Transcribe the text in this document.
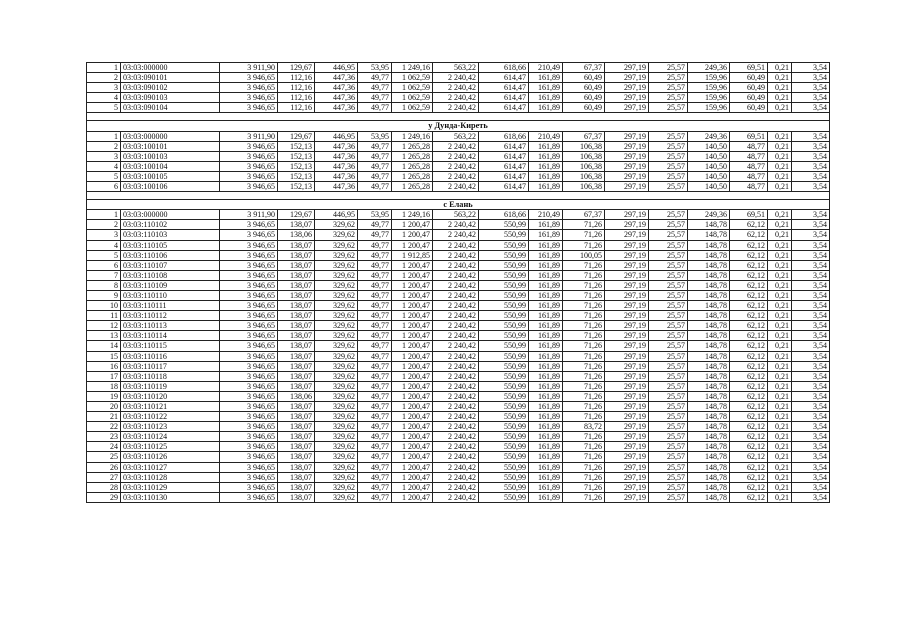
1	03:03:000000	3 911,90	129,67	446,95	53,95	1 249,16	563,22	618,66	210,49	67,37	297,19	25,57	249,36	69,51	0,21	3,54
2	03:03:090101	3 946,65	112,16	447,36	49,77	1 062,59	2 240,42	614,47	161,89	60,49	297,19	25,57	159,96	60,49	0,21	3,54
3	03:03:090102	3 946,65	112,16	447,36	49,77	1 062,59	2 240,42	614,47	161,89	60,49	297,19	25,57	159,96	60,49	0,21	3,54
4	03:03:090103	3 946,65	112,16	447,36	49,77	1 062,59	2 240,42	614,47	161,89	60,49	297,19	25,57	159,96	60,49	0,21	3,54
5	03:03:090104	3 946,65	112,16	447,36	49,77	1 062,59	2 240,42	614,47	161,89	60,49	297,19	25,57	159,96	60,49	0,21	3,54

у Дунда-Киреть																
1	03:03:000000	3 911,90	129,67	446,95	53,95	1 249,16	563,22	618,66	210,49	67,37	297,19	25,57	249,36	69,51	0,21	3,54
2	03:03:100101	3 946,65	152,13	447,36	49,77	1 265,28	2 240,42	614,47	161,89	106,38	297,19	25,57	140,50	48,77	0,21	3,54
3	03:03:100103	3 946,65	152,13	447,36	49,77	1 265,28	2 240,42	614,47	161,89	106,38	297,19	25,57	140,50	48,77	0,21	3,54
4	03:03:100104	3 946,65	152,13	447,36	49,77	1 265,28	2 240,42	614,47	161,89	106,38	297,19	25,57	140,50	48,77	0,21	3,54
5	03:03:100105	3 946,65	152,13	447,36	49,77	1 265,28	2 240,42	614,47	161,89	106,38	297,19	25,57	140,50	48,77	0,21	3,54
6	03:03:100106	3 946,65	152,13	447,36	49,77	1 265,28	2 240,42	614,47	161,89	106,38	297,19	25,57	140,50	48,77	0,21	3,54

с Елань																
1	03:03:000000	3 911,90	129,67	446,95	53,95	1 249,16	563,22	618,66	210,49	67,37	297,19	25,57	249,36	69,51	0,21	3,54
2	03:03:110102	3 946,65	138,07	329,62	49,77	1 200,47	2 240,42	550,99	161,89	71,26	297,19	25,57	148,78	62,12	0,21	3,54
3	03:03:110103	3 946,65	138,06	329,62	49,77	1 200,47	2 240,42	550,99	161,89	71,26	297,19	25,57	148,78	62,12	0,21	3,54
4	03:03:110105	3 946,65	138,07	329,62	49,77	1 200,47	2 240,42	550,99	161,89	71,26	297,19	25,57	148,78	62,12	0,21	3,54
5	03:03:110106	3 946,65	138,07	329,62	49,77	1 912,85	2 240,42	550,99	161,89	100,05	297,19	25,57	148,78	62,12	0,21	3,54
6	03:03:110107	3 946,65	138,07	329,62	49,77	1 200,47	2 240,42	550,99	161,89	71,26	297,19	25,57	148,78	62,12	0,21	3,54
7	03:03:110108	3 946,65	138,07	329,62	49,77	1 200,47	2 240,42	550,99	161,89	71,26	297,19	25,57	148,78	62,12	0,21	3,54
8	03:03:110109	3 946,65	138,07	329,62	49,77	1 200,47	2 240,42	550,99	161,89	71,26	297,19	25,57	148,78	62,12	0,21	3,54
9	03:03:110110	3 946,65	138,07	329,62	49,77	1 200,47	2 240,42	550,99	161,89	71,26	297,19	25,57	148,78	62,12	0,21	3,54
10	03:03:110111	3 946,65	138,07	329,62	49,77	1 200,47	2 240,42	550,99	161,89	71,26	297,19	25,57	148,78	62,12	0,21	3,54
11	03:03:110112	3 946,65	138,07	329,62	49,77	1 200,47	2 240,42	550,99	161,89	71,26	297,19	25,57	148,78	62,12	0,21	3,54
12	03:03:110113	3 946,65	138,07	329,62	49,77	1 200,47	2 240,42	550,99	161,89	71,26	297,19	25,57	148,78	62,12	0,21	3,54
13	03:03:110114	3 946,65	138,07	329,62	49,77	1 200,47	2 240,42	550,99	161,89	71,26	297,19	25,57	148,78	62,12	0,21	3,54
14	03:03:110115	3 946,65	138,07	329,62	49,77	1 200,47	2 240,42	550,99	161,89	71,26	297,19	25,57	148,78	62,12	0,21	3,54
15	03:03:110116	3 946,65	138,07	329,62	49,77	1 200,47	2 240,42	550,99	161,89	71,26	297,19	25,57	148,78	62,12	0,21	3,54
16	03:03:110117	3 946,65	138,07	329,62	49,77	1 200,47	2 240,42	550,99	161,89	71,26	297,19	25,57	148,78	62,12	0,21	3,54
17	03:03:110118	3 946,65	138,07	329,62	49,77	1 200,47	2 240,42	550,99	161,89	71,26	297,19	25,57	148,78	62,12	0,21	3,54
18	03:03:110119	3 946,65	138,07	329,62	49,77	1 200,47	2 240,42	550,99	161,89	71,26	297,19	25,57	148,78	62,12	0,21	3,54
19	03:03:110120	3 946,65	138,06	329,62	49,77	1 200,47	2 240,42	550,99	161,89	71,26	297,19	25,57	148,78	62,12	0,21	3,54
20	03:03:110121	3 946,65	138,07	329,62	49,77	1 200,47	2 240,42	550,99	161,89	71,26	297,19	25,57	148,78	62,12	0,21	3,54
21	03:03:110122	3 946,65	138,07	329,62	49,77	1 200,47	2 240,42	550,99	161,89	71,26	297,19	25,57	148,78	62,12	0,21	3,54
22	03:03:110123	3 946,65	138,07	329,62	49,77	1 200,47	2 240,42	550,99	161,89	83,72	297,19	25,57	148,78	62,12	0,21	3,54
23	03:03:110124	3 946,65	138,07	329,62	49,77	1 200,47	2 240,42	550,99	161,89	71,26	297,19	25,57	148,78	62,12	0,21	3,54
24	03:03:110125	3 946,65	138,07	329,62	49,77	1 200,47	2 240,42	550,99	161,89	71,26	297,19	25,57	148,78	62,12	0,21	3,54
25	03:03:110126	3 946,65	138,07	329,62	49,77	1 200,47	2 240,42	550,99	161,89	71,26	297,19	25,57	148,78	62,12	0,21	3,54
26	03:03:110127	3 946,65	138,07	329,62	49,77	1 200,47	2 240,42	550,99	161,89	71,26	297,19	25,57	148,78	62,12	0,21	3,54
27	03:03:110128	3 946,65	138,07	329,62	49,77	1 200,47	2 240,42	550,99	161,89	71,26	297,19	25,57	148,78	62,12	0,21	3,54
28	03:03:110129	3 946,65	138,07	329,62	49,77	1 200,47	2 240,42	550,99	161,89	71,26	297,19	25,57	148,78	62,12	0,21	3,54
29	03:03:110130	3 946,65	138,07	329,62	49,77	1 200,47	2 240,42	550,99	161,89	71,26	297,19	25,57	148,78	62,12	0,21	3,54
